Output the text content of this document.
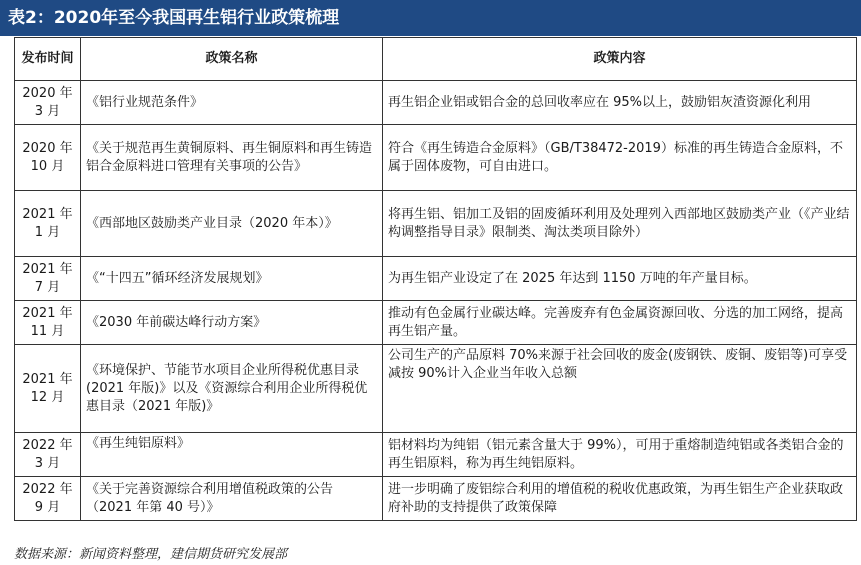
表2：2020年至今我国再生铝行业政策梳理
发布时间	政策名称	政策内容
2020 年 3 月	《铝行业规范条件》	再生铝企业铝或铝合金的总回收率应在 95%以上，鼓励铝灰渣资源化利用
2020 年 10 月	《关于规范再生黄铜原料、再生铜原料和再生铸造铝合金原料进口管理有关事项的公告》	符合《再生铸造合金原料》（GB/T38472-2019）标准的再生铸造合金原料，不属于固体废物，可自由进口。
2021 年 1 月	《西部地区鼓励类产业目录（2020 年本）》	将再生铝、铝加工及铝的固废循环利用及处理列入西部地区鼓励类产业（《产业结构调整指导目录》限制类、淘汰类项目除外）
2021 年 7 月	《“十四五”循环经济发展规划》	为再生铝产业设定了在 2025 年达到 1150 万吨的年产量目标。
2021 年 11 月	《2030 年前碳达峰行动方案》	推动有色金属行业碳达峰。完善废弃有色金属资源回收、分选的加工网络，提高再生铝产量。
2021 年 12 月	《环境保护、节能节水项目企业所得税优惠目录(2021 年版)》以及《资源综合利用企业所得税优惠目录（2021 年版)》	公司生产的产品原料 70%来源于社会回收的废金(废钢铁、废铜、废铝等)可享受减按 90%计入企业当年收入总额
2022 年 3 月	《再生纯铝原料》	铝材料均为纯铝（铝元素含量大于 99%），可用于重熔制造纯铝或各类铝合金的再生铝原料，称为再生纯铝原料。
2022 年 9 月	《关于完善资源综合利用增值税政策的公告（2021 年第 40 号）》	进一步明确了废铝综合利用的增值税的税收优惠政策，为再生铝生产企业获取政府补助的支持提供了政策保障
数据来源：新闻资料整理，建信期货研究发展部
